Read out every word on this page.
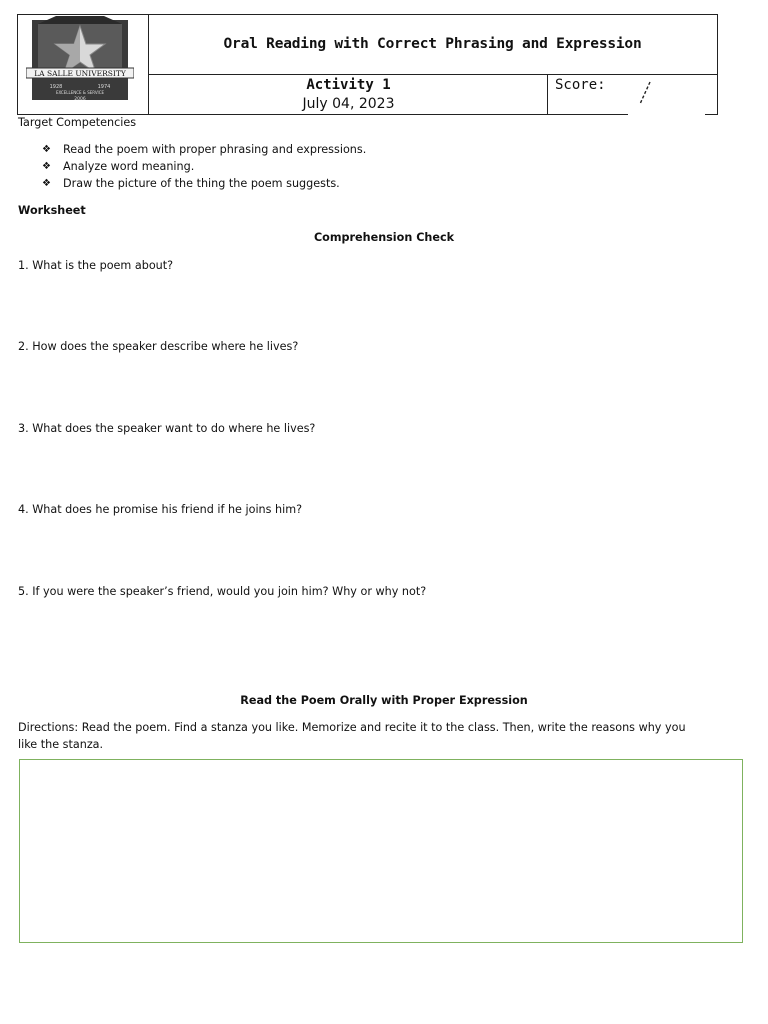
LA SALLE UNIVERSITY
1928	1974
EXCELLENCE & SERVICE
2006
Oral Reading with Correct Phrasing and Expression
Activity 1
July 04, 2023
Score:
Target Competencies
❖	Read the poem with proper phrasing and expressions.
❖	Analyze word meaning.
❖	Draw the picture of the thing the poem suggests.
Worksheet
Comprehension Check
1. What is the poem about?
2. How does the speaker describe where he lives?
3. What does the speaker want to do where he lives?
4. What does he promise his friend if he joins him?
5. If you were the speaker’s friend, would you join him? Why or why not?
Read the Poem Orally with Proper Expression
Directions: Read the poem. Find a stanza you like. Memorize and recite it to the class. Then, write the reasons why you
like the stanza.
